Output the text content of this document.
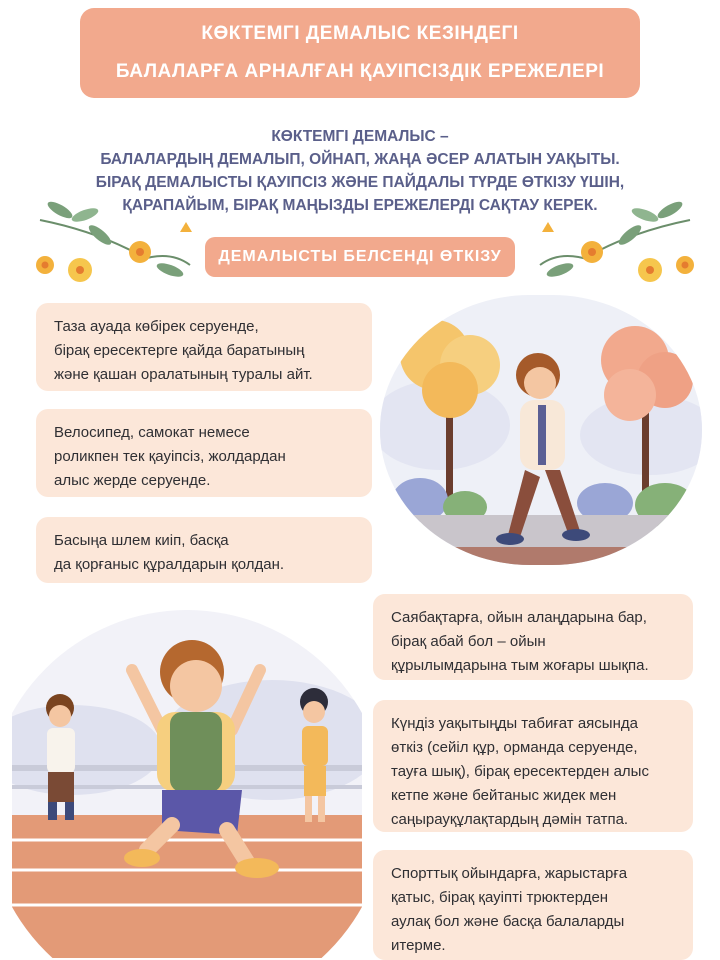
КӨКТЕМГІ ДЕМАЛЫС КЕЗІНДЕГІ
БАЛАЛАРҒА АРНАЛҒАН ҚАУІПСІЗДІК ЕРЕЖЕЛЕРІ
КӨКТЕМГІ ДЕМАЛЫС –
БАЛАЛАРДЫҢ ДЕМАЛЫП, ОЙНАП, ЖАҢА ӘСЕР АЛАТЫН УАҚЫТЫ.
БІРАҚ ДЕМАЛЫСТЫ ҚАУІПСІЗ ЖӘНЕ ПАЙДАЛЫ ТҮРДЕ ӨТКІЗУ ҮШІН,
ҚАРАПАЙЫМ, БІРАҚ МАҢЫЗДЫ ЕРЕЖЕЛЕРДІ САҚТАУ КЕРЕК.
ДЕМАЛЫСТЫ БЕЛСЕНДІ ӨТКІЗУ
Таза ауада көбірек серуенде,
бірақ ересектерге қайда баратының
және қашан оралатының туралы айт.
Велосипед, самокат немесе
роликпен тек қауіпсіз, жолдардан
алыс жерде серуенде.
Басыңа шлем киіп, басқа
да қорғаныс құралдарын қолдан.
Саябақтарға, ойын алаңдарына бар,
бірақ абай бол – ойын
құрылымдарына тым жоғары шықпа.
Күндіз уақытыңды табиғат аясында
өткіз (сейіл құр, орманда серуенде,
тауға шық), бірақ ересектерден алыс
кетпе және бейтаныс жидек мен
саңырауқұлақтардың дәмін татпа.
Спорттық ойындарға, жарыстарға
қатыс, бірақ қауіпті трюктерден
аулақ бол және басқа балаларды
итерме.
